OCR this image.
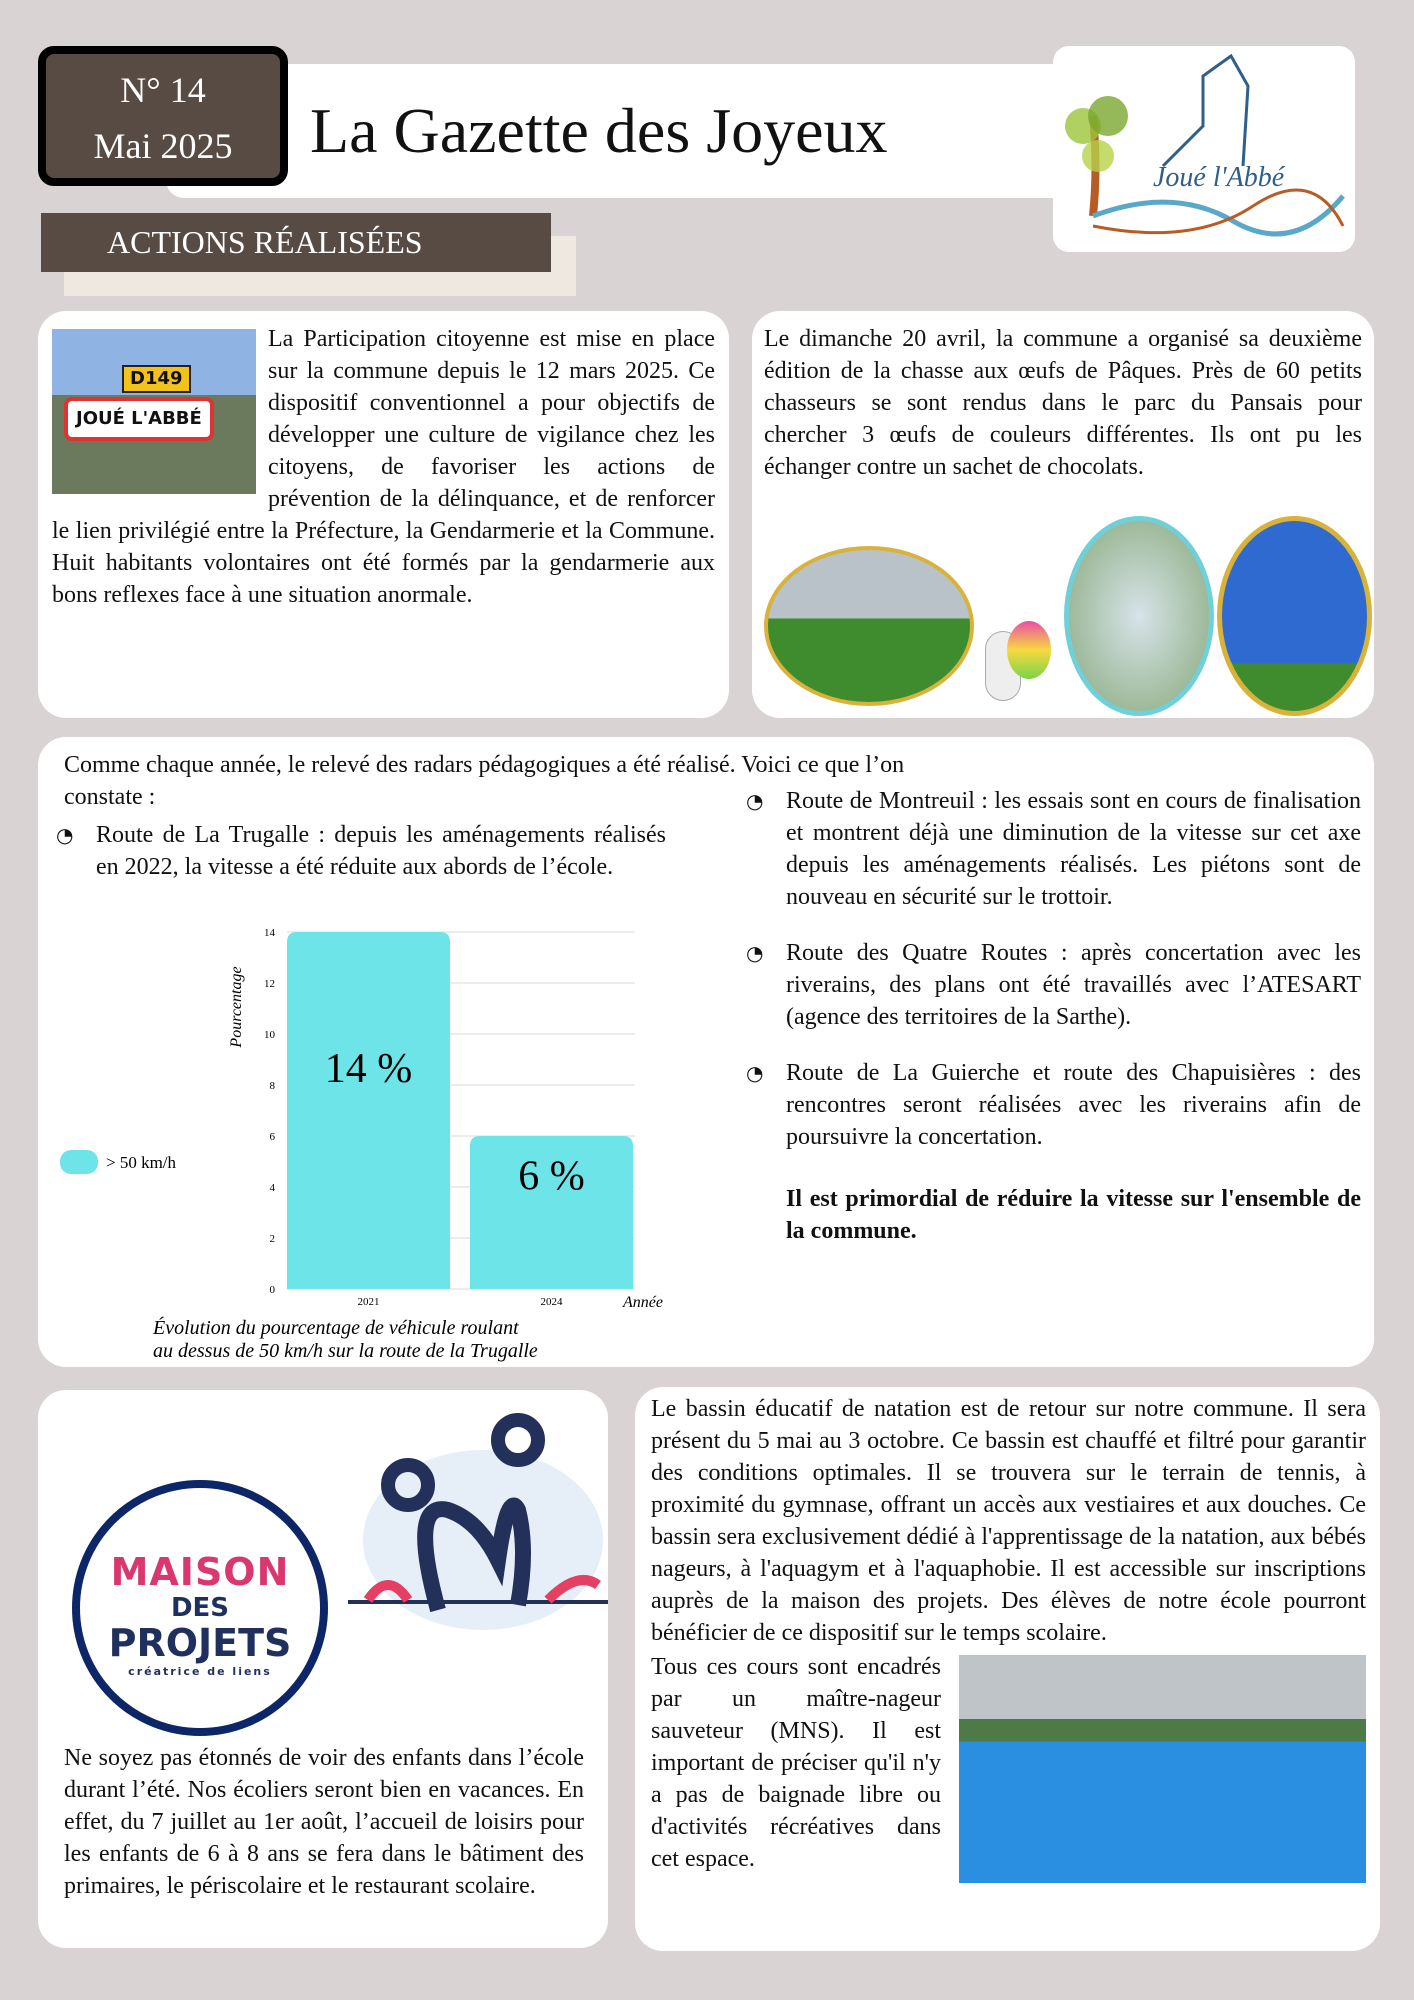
N° 14
Mai 2025	La Gazette des Joyeux
Joué l'Abbé
ACTIONS RÉALISÉES
D149
JOUÉ L'ABBÉ
La Participation citoyenne est mise en place sur la commune depuis le 12 mars 2025. Ce dispositif conventionnel a pour objectifs de développer une culture de vigilance chez les citoyens, de favoriser les actions de prévention de la délinquance, et de renforcer le lien privilégié entre la Préfecture, la Gendarmerie et la Commune. Huit habitants volontaires ont été formés par la gendarmerie aux bons reflexes face à une situation anormale.
Le dimanche 20 avril, la commune a organisé sa deuxième édition de la chasse aux œufs de Pâques. Près de 60 petits chasseurs se sont rendus dans le parc du Pansais pour chercher 3 œufs de couleurs différentes. Ils ont pu les échanger contre un sachet de chocolats.
Comme chaque année, le relevé des radars pédagogiques a été réalisé. Voici ce que l’on constate :
◔ Route de La Trugalle : depuis les aménagements réalisés en 2022, la vitesse a été réduite aux abords de l’école.
◔ Route de Montreuil : les essais sont en cours de finalisation et montrent déjà une diminution de la vitesse sur cet axe depuis les aménagements réalisés. Les piétons sont de nouveau en sécurité sur le trottoir.
◔ Route des Quatre Routes : après concertation avec les riverains, des plans ont été travaillés avec l’ATESART (agence des territoires de la Sarthe).
◔ Route de La Guierche et route des Chapuisières : des rencontres seront réalisées avec les riverains afin de poursuivre la concertation.
Il est primordial de réduire la vitesse sur l'ensemble de la commune.
0
2
4
6
8
10
12
14
14 %
2021
6 %
2024
Pourcentage
Année
> 50 km/h
Évolution du pourcentage de véhicule roulant
au dessus de 50 km/h sur la route de la Trugalle
MAISON
DES
PROJETS
créatrice de liens
Ne soyez pas étonnés de voir des enfants dans l’école durant l’été. Nos écoliers seront bien en vacances. En effet, du 7 juillet au 1er août, l’accueil de loisirs pour les enfants de 6 à 8 ans se fera dans le bâtiment des primaires, le périscolaire et le restaurant scolaire.
Le bassin éducatif de natation est de retour sur notre commune. Il sera présent du 5 mai au 3 octobre. Ce bassin est chauffé et filtré pour garantir des conditions optimales. Il se trouvera sur le terrain de tennis, à proximité du gymnase, offrant un accès aux vestiaires et aux douches. Ce bassin sera exclusivement dédié à l'apprentissage de la natation, aux bébés nageurs, à l'aquagym et à l'aquaphobie. Il est accessible sur inscriptions auprès de la maison des projets. Des élèves de notre école pourront bénéficier de ce dispositif sur le temps scolaire.
Tous ces cours sont encadrés par un maître-nageur sauveteur (MNS). Il est important de préciser qu'il n'y a pas de baignade libre ou d'activités récréatives dans cet espace.
